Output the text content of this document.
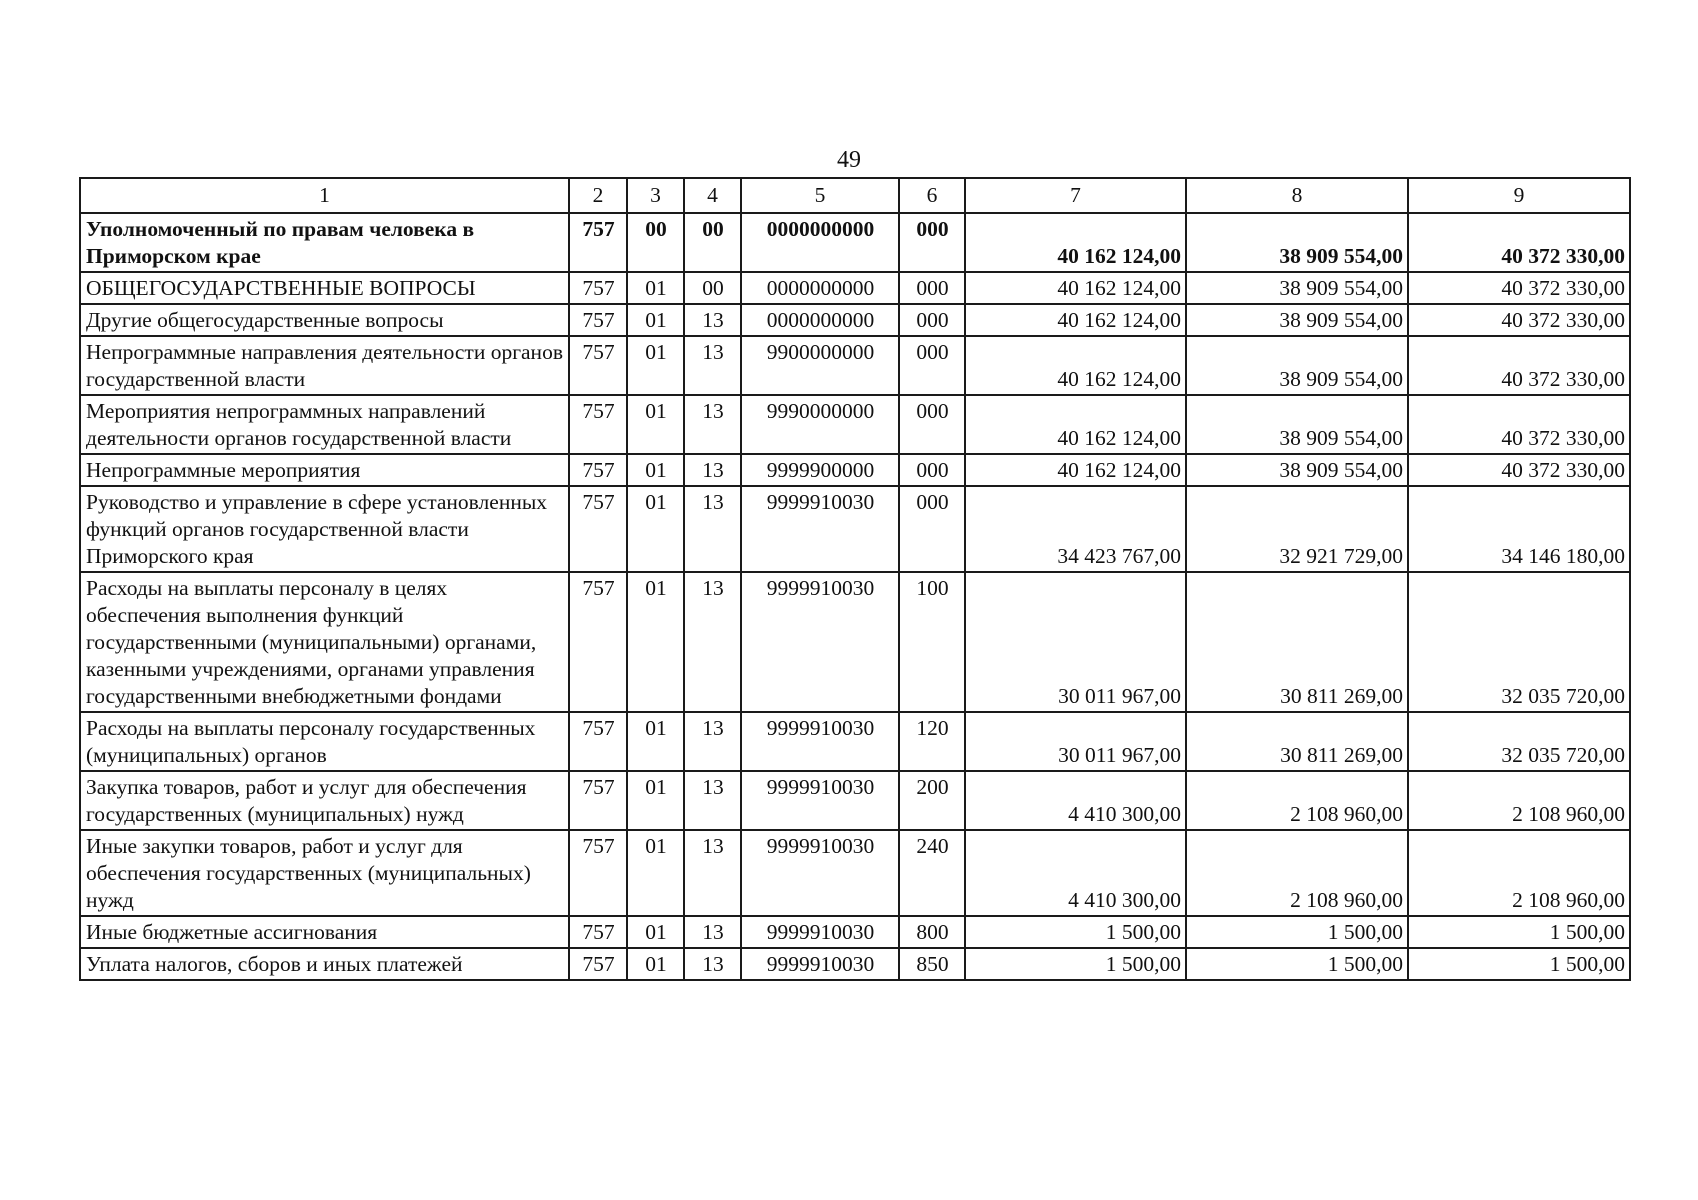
49
1	2	3	4	5	6	7	8	9
Уполномоченный по правам человека в Приморском крае	757	00	00	0000000000	000	40 162 124,00	38 909 554,00	40 372 330,00
ОБЩЕГОСУДАРСТВЕННЫЕ ВОПРОСЫ	757	01	00	0000000000	000	40 162 124,00	38 909 554,00	40 372 330,00
Другие общегосударственные вопросы	757	01	13	0000000000	000	40 162 124,00	38 909 554,00	40 372 330,00
Непрограммные направления деятельности органов государственной власти	757	01	13	9900000000	000	40 162 124,00	38 909 554,00	40 372 330,00
Мероприятия непрограммных направлений деятельности органов государственной власти	757	01	13	9990000000	000	40 162 124,00	38 909 554,00	40 372 330,00
Непрограммные мероприятия	757	01	13	9999900000	000	40 162 124,00	38 909 554,00	40 372 330,00
Руководство и управление в сфере установленных функций органов государственной власти Приморского края	757	01	13	9999910030	000	34 423 767,00	32 921 729,00	34 146 180,00
Расходы на выплаты персоналу в целях обеспечения выполнения функций государственными (муниципальными) органами, казенными учреждениями, органами управления государственными внебюджетными фондами	757	01	13	9999910030	100	30 011 967,00	30 811 269,00	32 035 720,00
Расходы на выплаты персоналу государственных (муниципальных) органов	757	01	13	9999910030	120	30 011 967,00	30 811 269,00	32 035 720,00
Закупка товаров, работ и услуг для обеспечения государственных (муниципальных) нужд	757	01	13	9999910030	200	4 410 300,00	2 108 960,00	2 108 960,00
Иные закупки товаров, работ и услуг для обеспечения государственных (муниципальных) нужд	757	01	13	9999910030	240	4 410 300,00	2 108 960,00	2 108 960,00
Иные бюджетные ассигнования	757	01	13	9999910030	800	1 500,00	1 500,00	1 500,00
Уплата налогов, сборов и иных платежей	757	01	13	9999910030	850	1 500,00	1 500,00	1 500,00
